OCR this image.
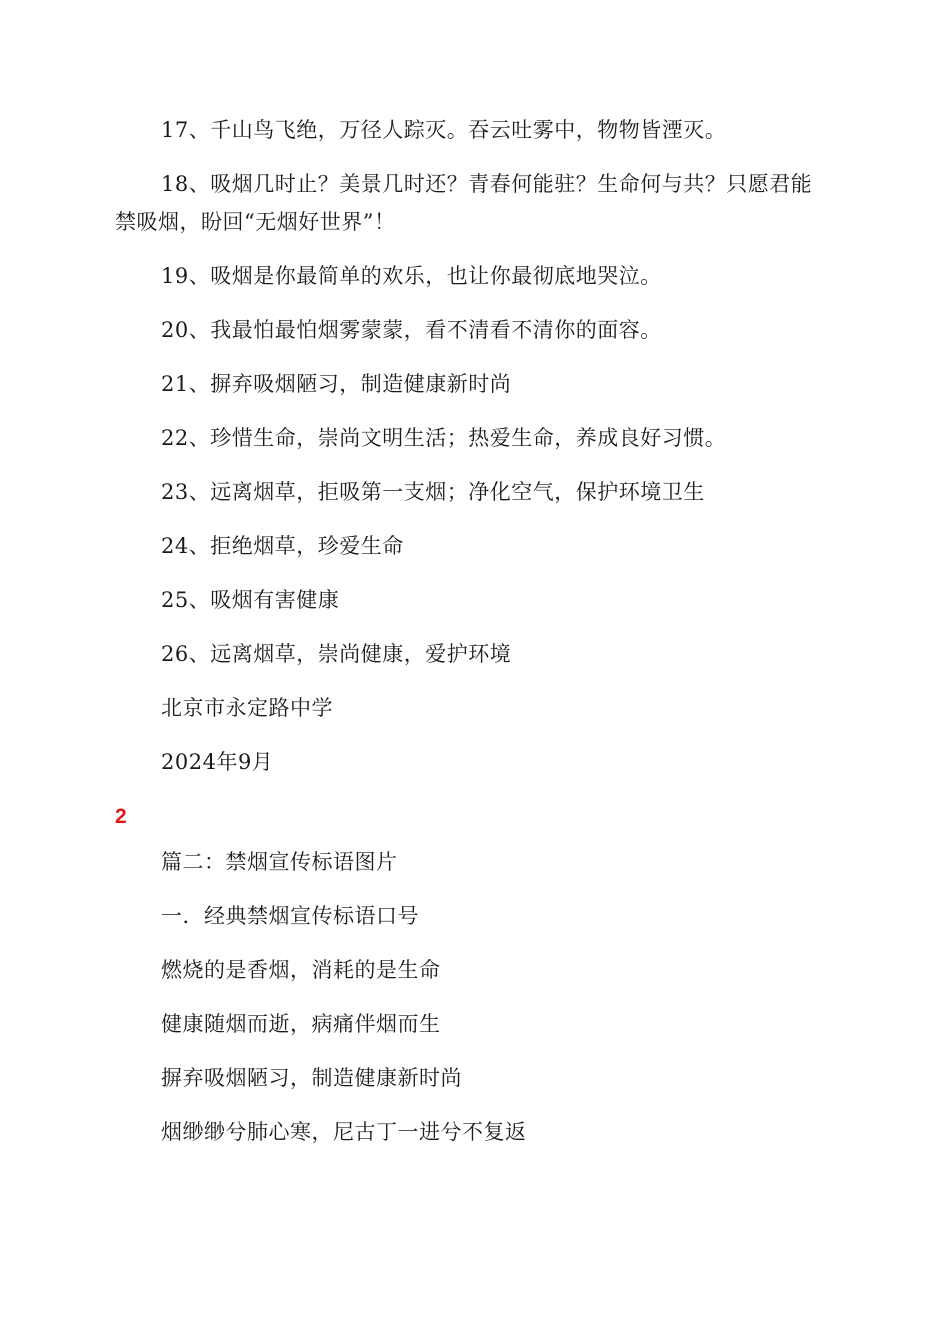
17、千山鸟飞绝，万径人踪灭。吞云吐雾中，物物皆湮灭。
18、吸烟几时止？美景几时还？青春何能驻？生命何与共？只愿君能
禁吸烟，盼回“无烟好世界”！
19、吸烟是你最简单的欢乐，也让你最彻底地哭泣。
20、我最怕最怕烟雾蒙蒙，看不清看不清你的面容。
21、摒弃吸烟陋习，制造健康新时尚
22、珍惜生命，崇尚文明生活；热爱生命，养成良好习惯。
23、远离烟草，拒吸第一支烟；净化空气，保护环境卫生
24、拒绝烟草，珍爱生命
25、吸烟有害健康
26、远离烟草，崇尚健康，爱护环境
北京市永定路中学
2024年9月
2
篇二：禁烟宣传标语图片
一．经典禁烟宣传标语口号
燃烧的是香烟，消耗的是生命
健康随烟而逝，病痛伴烟而生
摒弃吸烟陋习，制造健康新时尚
烟缈缈兮肺心寒，尼古丁一进兮不复返
